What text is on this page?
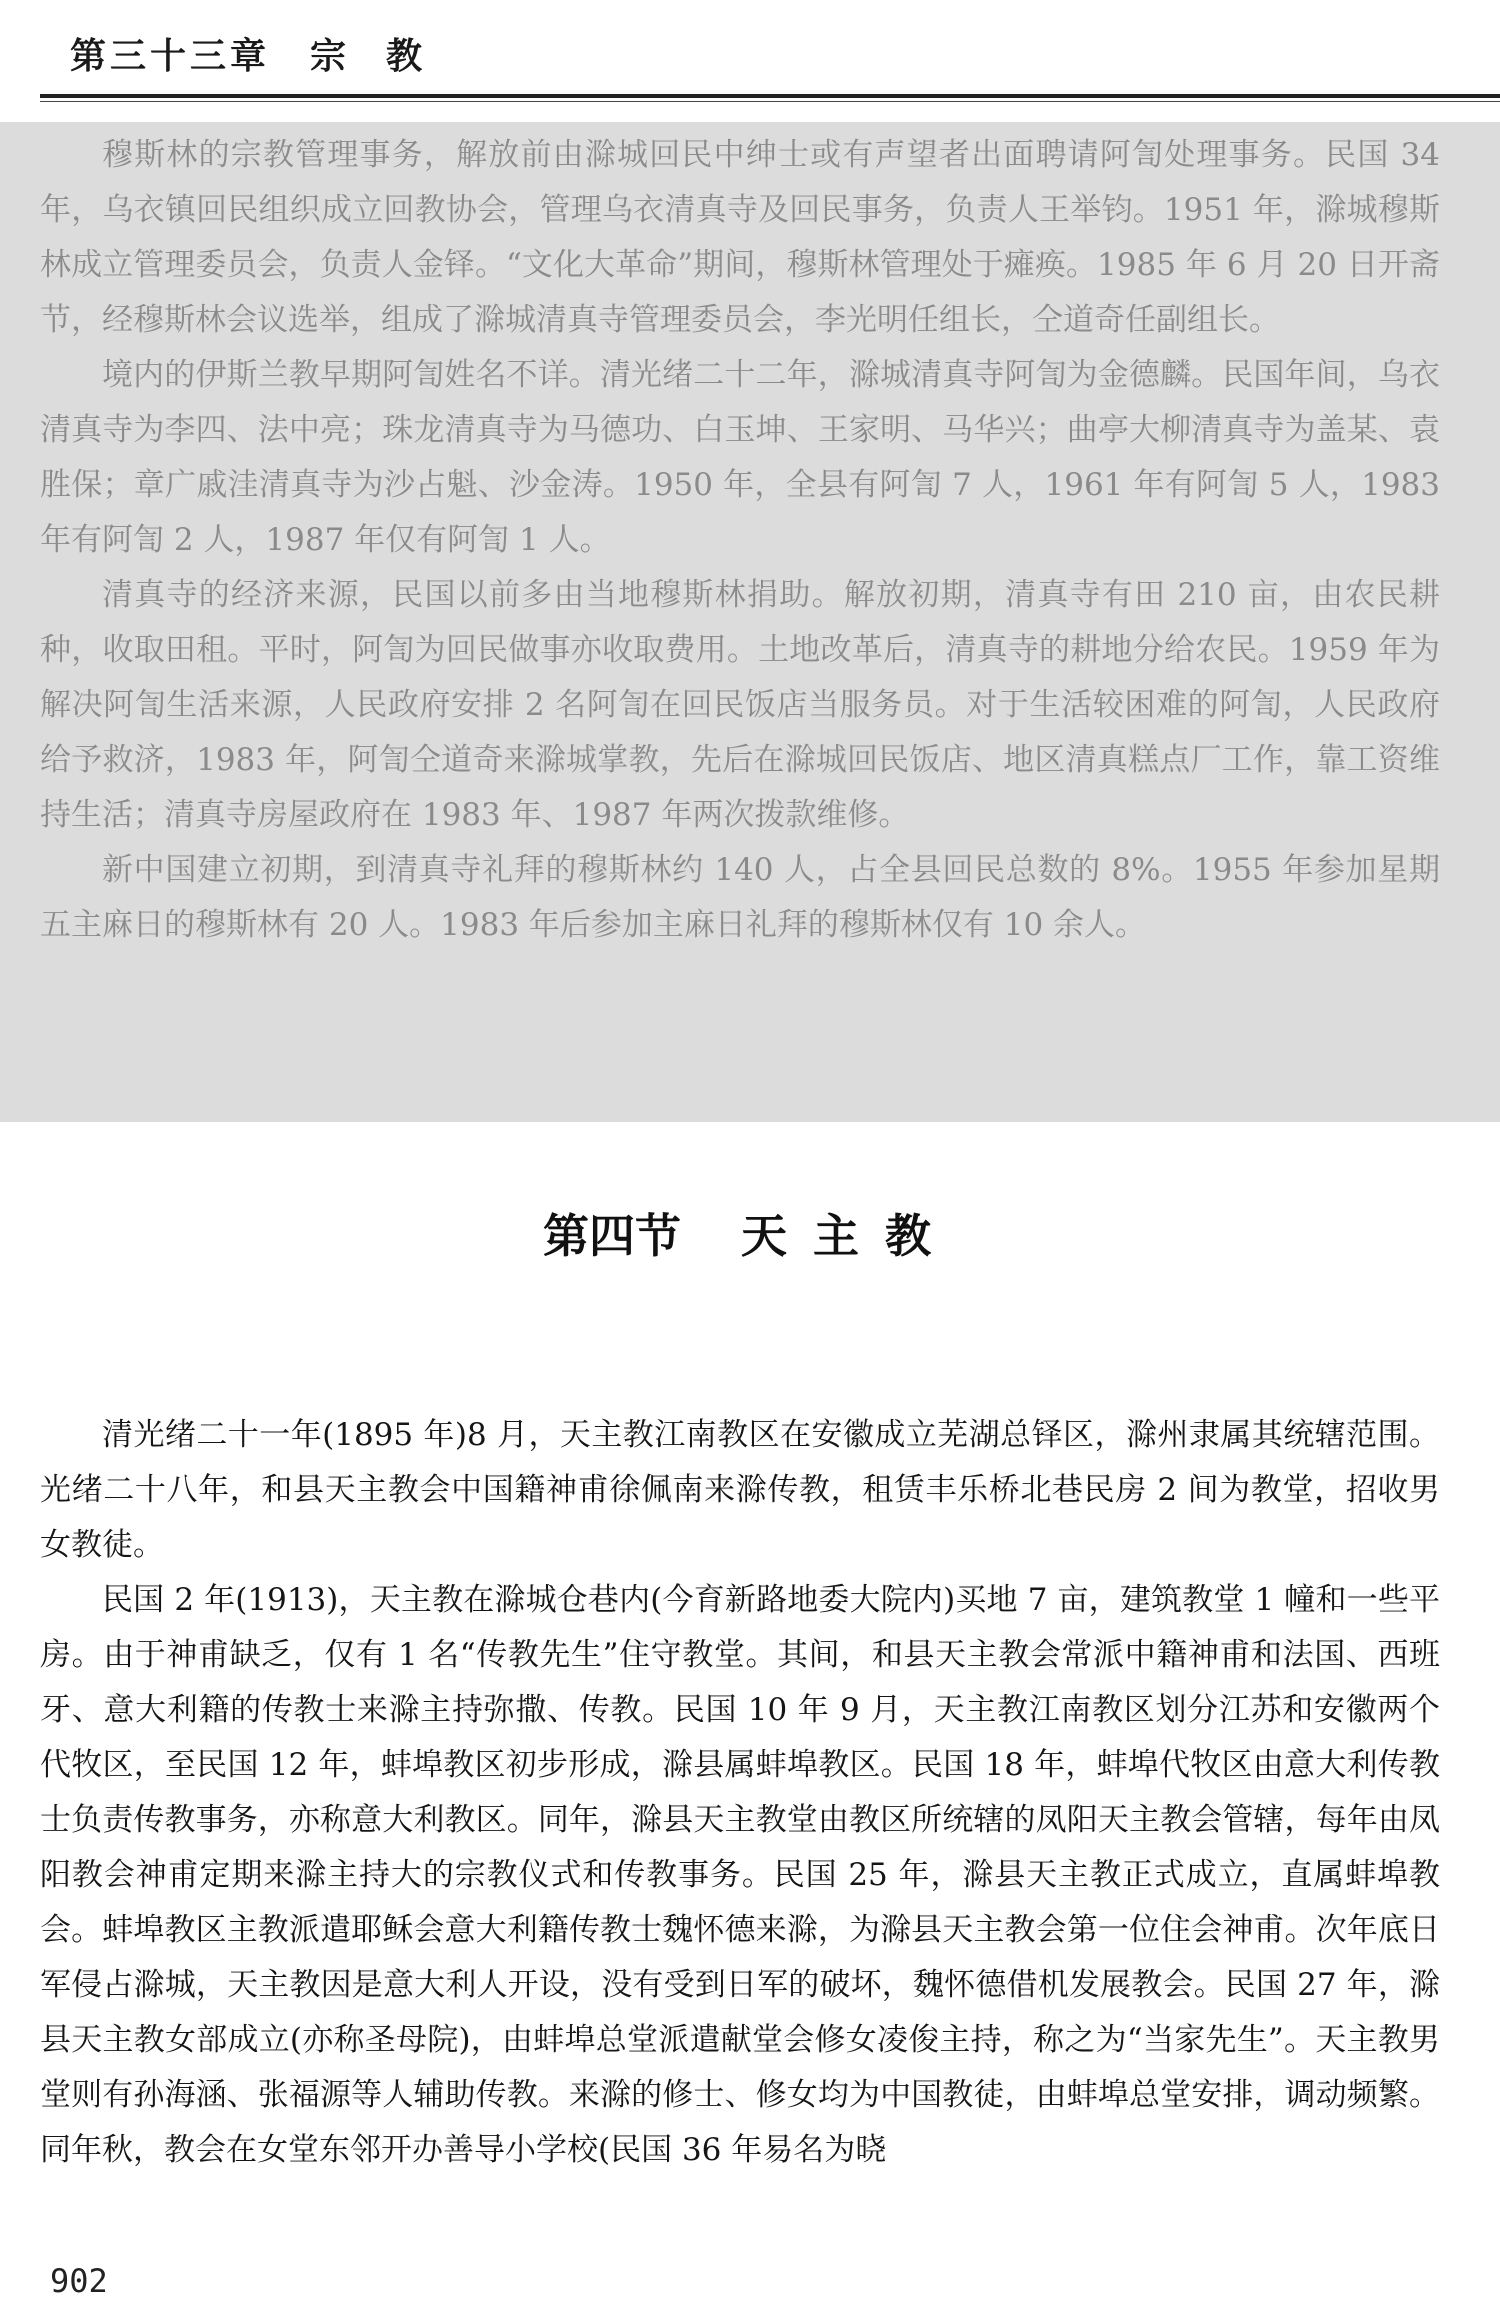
第三十三章 宗教

穆斯林的宗教管理事务，解放前由滁城回民中绅士或有声望者出面聘请阿訇处理事务。民国 34 年，乌衣镇回民组织成立回教协会，管理乌衣清真寺及回民事务，负责人王举钧。1951 年，滁城穆斯林成立管理委员会，负责人金铎。“文化大革命”期间，穆斯林管理处于瘫痪。1985 年 6 月 20 日开斋节，经穆斯林会议选举，组成了滁城清真寺管理委员会，李光明任组长，仝道奇任副组长。

境内的伊斯兰教早期阿訇姓名不详。清光绪二十二年，滁城清真寺阿訇为金德麟。民国年间，乌衣清真寺为李四、法中亮；珠龙清真寺为马德功、白玉坤、王家明、马华兴；曲亭大柳清真寺为盖某、袁胜保；章广戚洼清真寺为沙占魁、沙金涛。1950 年，全县有阿訇 7 人，1961 年有阿訇 5 人，1983 年有阿訇 2 人，1987 年仅有阿訇 1 人。

清真寺的经济来源，民国以前多由当地穆斯林捐助。解放初期，清真寺有田 210 亩，由农民耕种，收取田租。平时，阿訇为回民做事亦收取费用。土地改革后，清真寺的耕地分给农民。1959 年为解决阿訇生活来源，人民政府安排 2 名阿訇在回民饭店当服务员。对于生活较困难的阿訇，人民政府给予救济，1983 年，阿訇仝道奇来滁城掌教，先后在滁城回民饭店、地区清真糕点厂工作，靠工资维持生活；清真寺房屋政府在 1983 年、1987 年两次拨款维修。

新中国建立初期，到清真寺礼拜的穆斯林约 140 人，占全县回民总数的 8%。1955 年参加星期五主麻日的穆斯林有 20 人。1983 年后参加主麻日礼拜的穆斯林仅有 10 余人。

第四节 天主教

清光绪二十一年(1895 年)8 月，天主教江南教区在安徽成立芜湖总铎区，滁州隶属其统辖范围。光绪二十八年，和县天主教会中国籍神甫徐佩南来滁传教，租赁丰乐桥北巷民房 2 间为教堂，招收男女教徒。

民国 2 年(1913)，天主教在滁城仓巷内(今育新路地委大院内)买地 7 亩，建筑教堂 1 幢和一些平房。由于神甫缺乏，仅有 1 名“传教先生”住守教堂。其间，和县天主教会常派中籍神甫和法国、西班牙、意大利籍的传教士来滁主持弥撒、传教。民国 10 年 9 月，天主教江南教区划分江苏和安徽两个代牧区，至民国 12 年，蚌埠教区初步形成，滁县属蚌埠教区。民国 18 年，蚌埠代牧区由意大利传教士负责传教事务，亦称意大利教区。同年，滁县天主教堂由教区所统辖的凤阳天主教会管辖，每年由凤阳教会神甫定期来滁主持大的宗教仪式和传教事务。民国 25 年，滁县天主教正式成立，直属蚌埠教会。蚌埠教区主教派遣耶稣会意大利籍传教士魏怀德来滁，为滁县天主教会第一位住会神甫。次年底日军侵占滁城，天主教因是意大利人开设，没有受到日军的破坏，魏怀德借机发展教会。民国 27 年，滁县天主教女部成立(亦称圣母院)，由蚌埠总堂派遣献堂会修女凌俊主持，称之为“当家先生”。天主教男堂则有孙海涵、张福源等人辅助传教。来滁的修士、修女均为中国教徒，由蚌埠总堂安排，调动频繁。同年秋，教会在女堂东邻开办善导小学校(民国 36 年易名为晓

902
